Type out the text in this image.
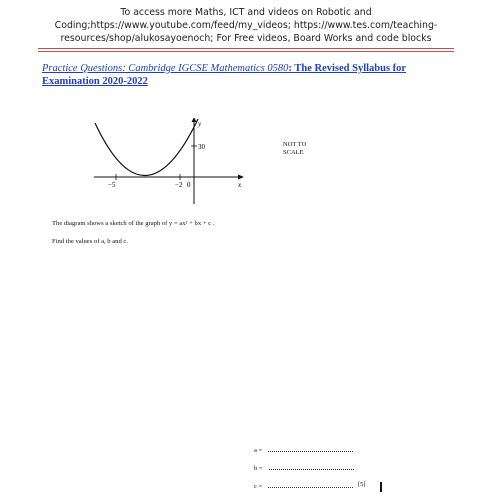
To access more Maths, ICT and videos on Robotic and
Coding;https://www.youtube.com/feed/my_videos; https://www.tes.com/teaching-
resources/shop/alukosayoenoch; For Free videos, Board Works and code blocks
Practice Questions: Cambridge IGCSE Mathematics 0580: The Revised Syllabus for Examination 2020-2022
30
−5	−2 0	x
y
NOT TO
SCALE
The diagram shows a sketch of the graph of y = ax² + bx + c .
Find the values of a, b and c.
a =
b =
c =	[5]
